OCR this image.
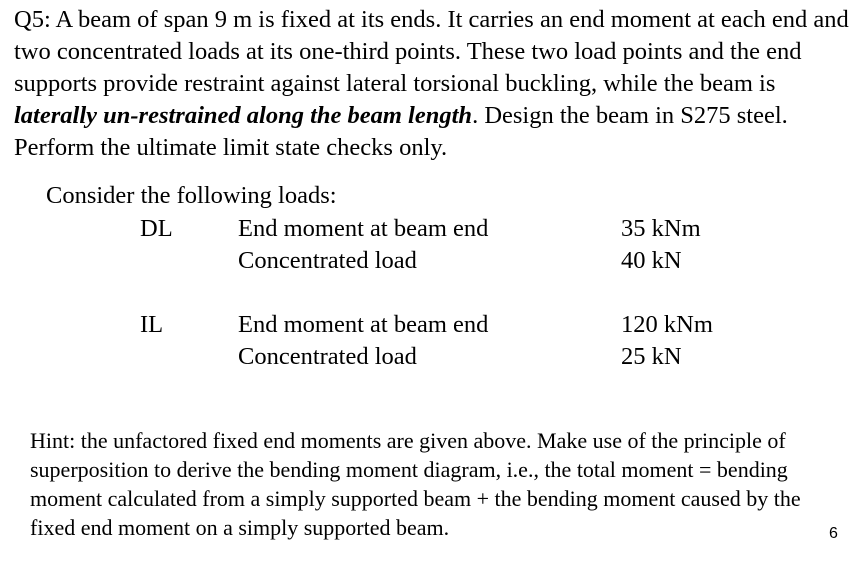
Q5: A beam of span 9 m is fixed at its ends. It carries an end moment at each end and two concentrated loads at its one-third points. These two load points and the end supports provide restraint against lateral torsional buckling, while the beam is laterally un-restrained along the beam length. Design the beam in S275 steel. Perform the ultimate limit state checks only.

Consider the following loads:

DL	End moment at beam end	35 kNm
Concentrated load	40 kN
IL	End moment at beam end	120 kNm
Concentrated load	25 kN

Hint: the unfactored fixed end moments are given above. Make use of the principle of superposition to derive the bending moment diagram, i.e., the total moment = bending moment calculated from a simply supported beam + the bending moment caused by the fixed end moment on a simply supported beam.	6
